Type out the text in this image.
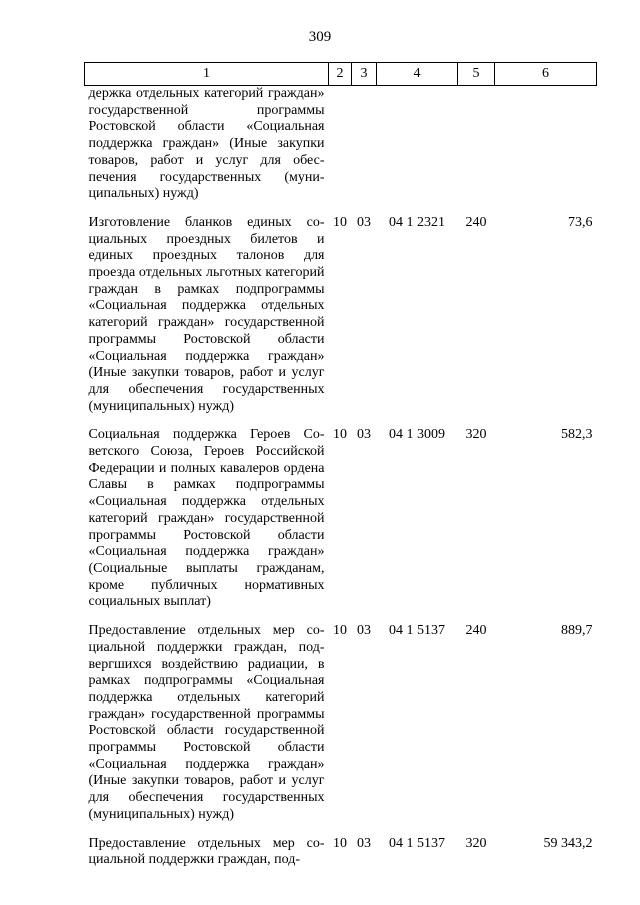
309
1	2	3	4	5	6
держка отдельных категорий граждан» государственной программы Ростовской области «Социальная поддержка граждан» (Иные закупки товаров, работ и услуг для обеспечения государственных (муниципальных) нужд)					
Изготовление бланков единых социальных проездных билетов и единых проездных талонов для проезда отдельных льготных категорий граждан в рамках подпрограммы «Социальная поддержка отдельных категорий граждан» государственной программы Ростовской области «Социальная поддержка граждан» (Иные закупки товаров, работ и услуг для обеспечения государственных (муниципальных) нужд)	10	03	04 1 2321	240	73,6
Социальная поддержка Героев Советского Союза, Героев Российской Федерации и полных кавалеров ордена Славы в рамках подпрограммы «Социальная поддержка отдельных категорий граждан» государственной программы Ростовской области «Социальная поддержка граждан» (Социальные выплаты гражданам, кроме публичных нормативных социальных выплат)	10	03	04 1 3009	320	582,3
Предоставление отдельных мер социальной поддержки граждан, подвергшихся воздействию радиации, в рамках подпрограммы «Социальная поддержка отдельных категорий граждан» государственной программы Ростовской области государственной программы Ростовской области «Социальная поддержка граждан» (Иные закупки товаров, работ и услуг для обеспечения государственных (муниципальных) нужд)	10	03	04 1 5137	240	889,7
Предоставление отдельных мер социальной поддержки граждан, под-	10	03	04 1 5137	320	59 343,2
